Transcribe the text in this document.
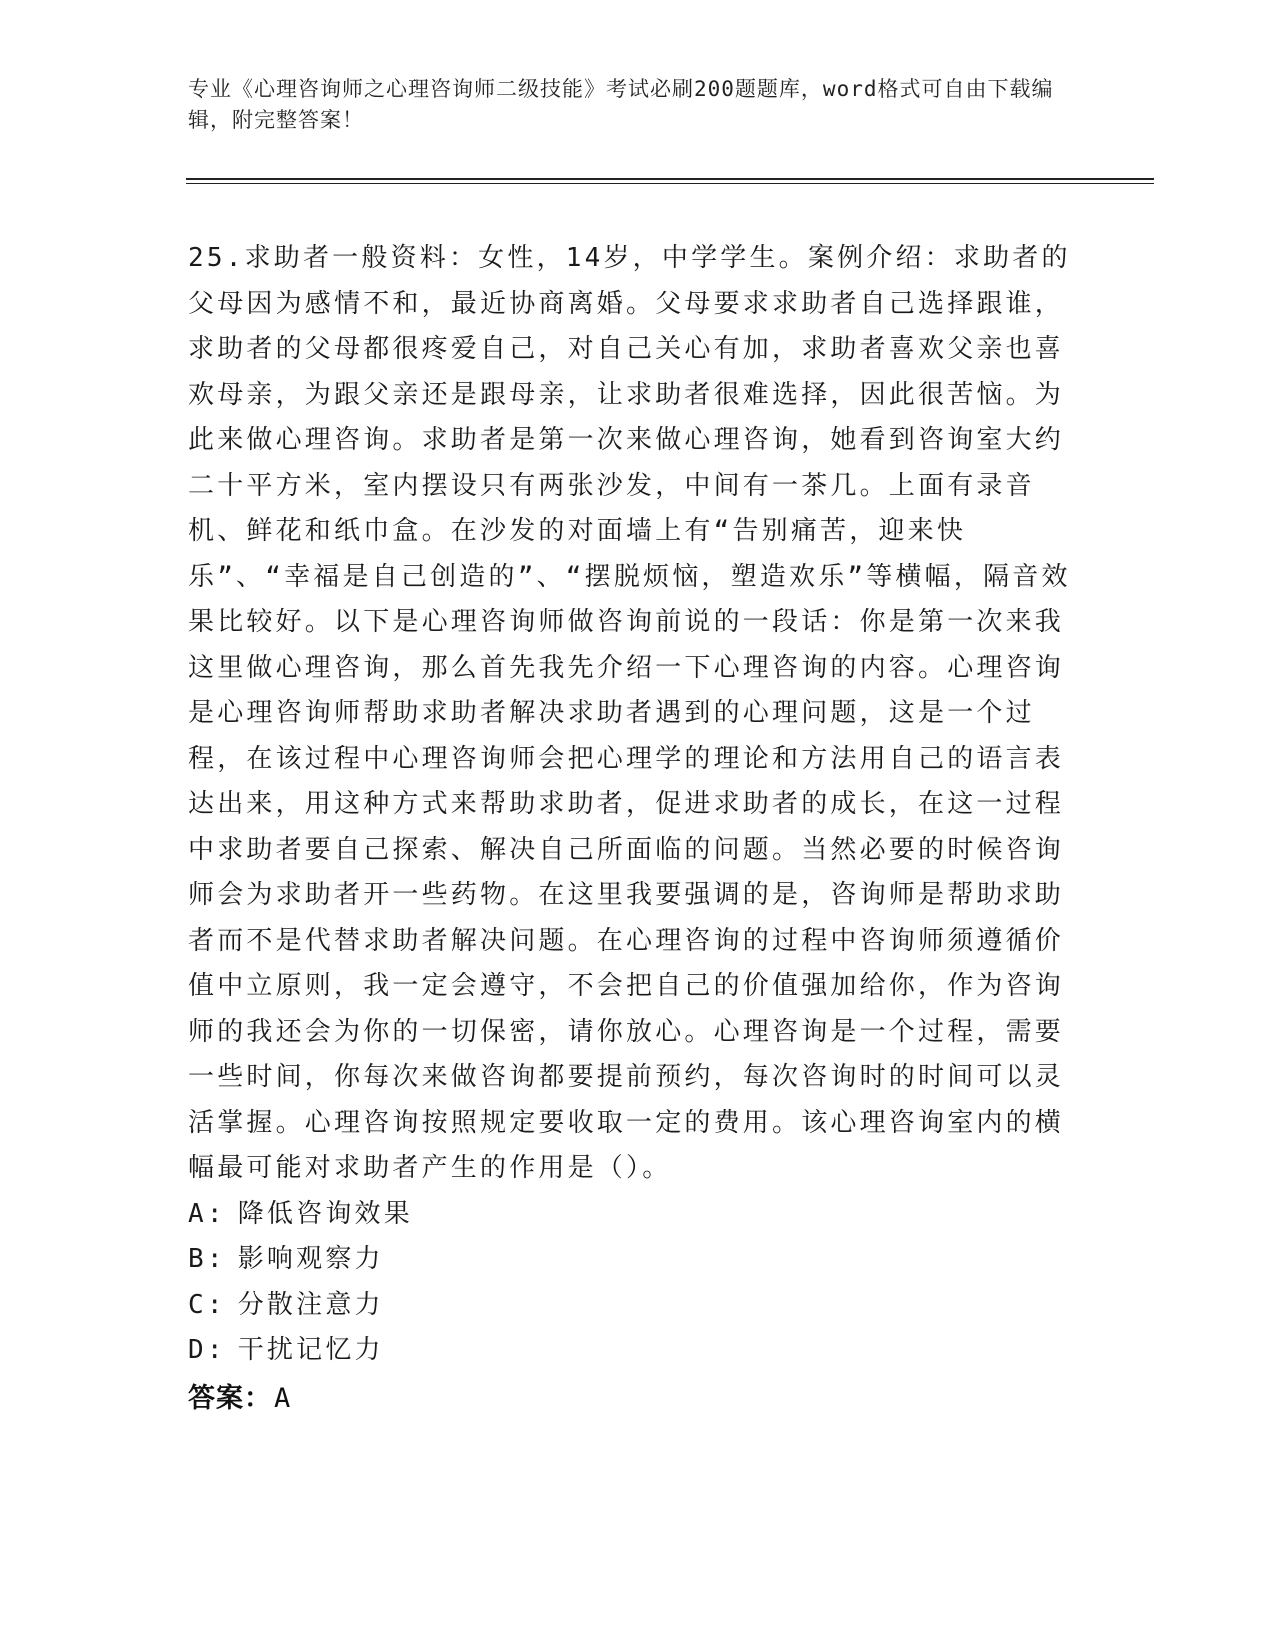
专业《心理咨询师之心理咨询师二级技能》考试必刷200题题库，word格式可自由下载编辑，附完整答案！

25.求助者一般资料：女性，14岁，中学学生。案例介绍：求助者的父母因为感情不和，最近协商离婚。父母要求求助者自己选择跟谁，求助者的父母都很疼爱自己，对自己关心有加，求助者喜欢父亲也喜欢母亲，为跟父亲还是跟母亲，让求助者很难选择，因此很苦恼。为此来做心理咨询。求助者是第一次来做心理咨询，她看到咨询室大约二十平方米，室内摆设只有两张沙发，中间有一茶几。上面有录音机、鲜花和纸巾盒。在沙发的对面墙上有“告别痛苦，迎来快乐”、“幸福是自己创造的”、“摆脱烦恼，塑造欢乐”等横幅，隔音效果比较好。以下是心理咨询师做咨询前说的一段话：你是第一次来我这里做心理咨询，那么首先我先介绍一下心理咨询的内容。心理咨询是心理咨询师帮助求助者解决求助者遇到的心理问题，这是一个过程，在该过程中心理咨询师会把心理学的理论和方法用自己的语言表达出来，用这种方式来帮助求助者，促进求助者的成长，在这一过程中求助者要自己探索、解决自己所面临的问题。当然必要的时候咨询师会为求助者开一些药物。在这里我要强调的是，咨询师是帮助求助者而不是代替求助者解决问题。在心理咨询的过程中咨询师须遵循价值中立原则，我一定会遵守，不会把自己的价值强加给你，作为咨询师的我还会为你的一切保密，请你放心。心理咨询是一个过程，需要一些时间，你每次来做咨询都要提前预约，每次咨询时的时间可以灵活掌握。心理咨询按照规定要收取一定的费用。该心理咨询室内的横幅最可能对求助者产生的作用是（）。

A: 降低咨询效果
B: 影响观察力
C: 分散注意力
D: 干扰记忆力
答案：A
